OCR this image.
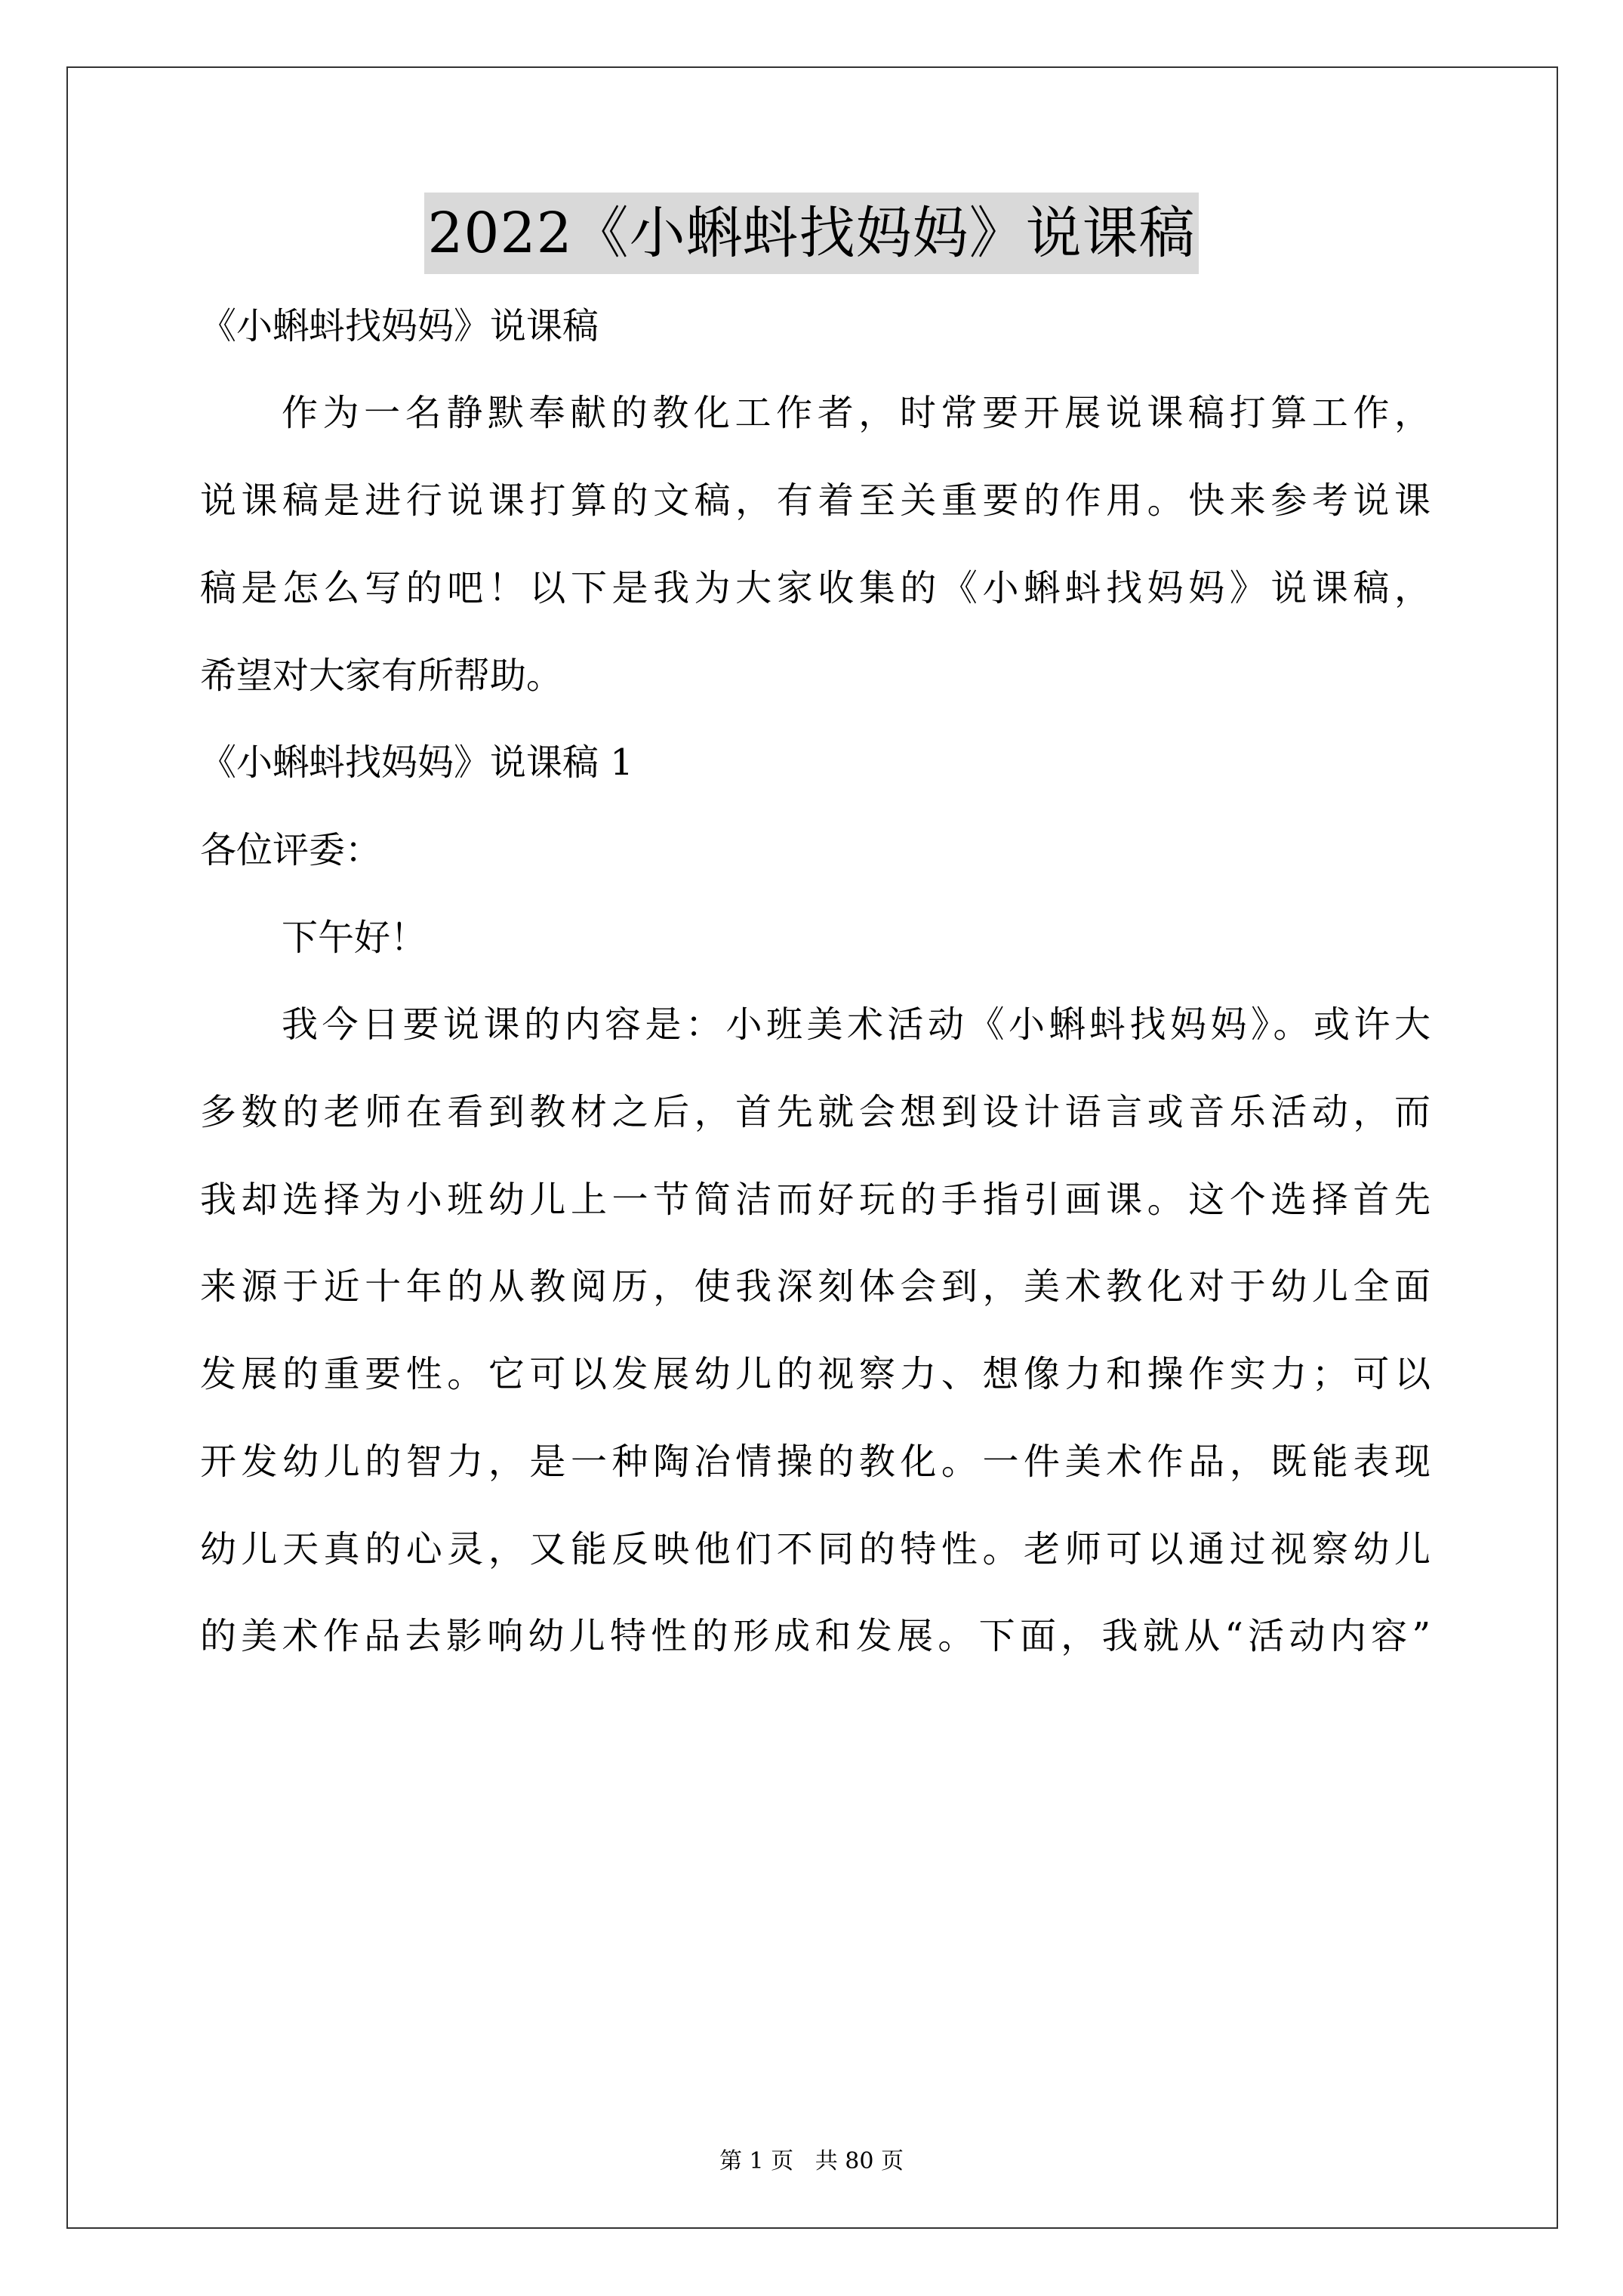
2022《小蝌蚪找妈妈》说课稿
《小蝌蚪找妈妈》说课稿
作为一名静默奉献的教化工作者，时常要开展说课稿打算工作，
说课稿是进行说课打算的文稿，有着至关重要的作用。快来参考说课
稿是怎么写的吧！以下是我为大家收集的《小蝌蚪找妈妈》说课稿，
希望对大家有所帮助。
《小蝌蚪找妈妈》说课稿 1
各位评委：
下午好！
我今日要说课的内容是：小班美术活动《小蝌蚪找妈妈》。或许大
多数的老师在看到教材之后，首先就会想到设计语言或音乐活动，而
我却选择为小班幼儿上一节简洁而好玩的手指引画课。这个选择首先
来源于近十年的从教阅历，使我深刻体会到，美术教化对于幼儿全面
发展的重要性。它可以发展幼儿的视察力、想像力和操作实力；可以
开发幼儿的智力，是一种陶冶情操的教化。一件美术作品，既能表现
幼儿天真的心灵，又能反映他们不同的特性。老师可以通过视察幼儿
的美术作品去影响幼儿特性的形成和发展。下面，我就从“活动内容”
第 1 页   共 80 页
